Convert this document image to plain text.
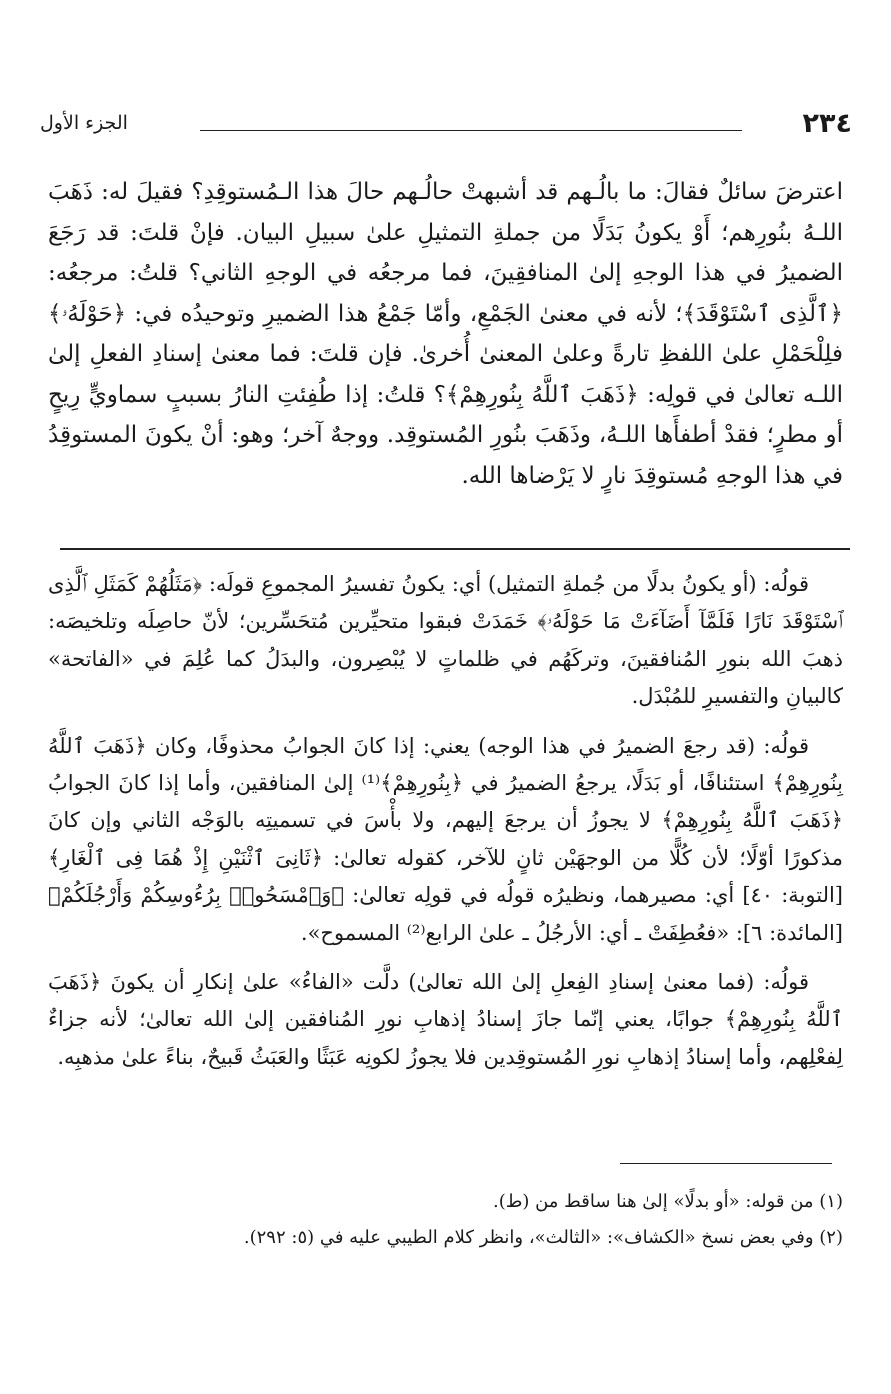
٢٣٤
الجزء الأول

اعترضَ سائلٌ فقالَ: ما بالُـهم قد أشبهتْ حالُـهم حالَ هذا الـمُستوقِدِ؟ فقيلَ له: ذَهَبَ اللـهُ بنُورِهم؛ أَوْ يكونُ بَدَلًا من جملةِ التمثيلِ علىٰ سبيلِ البيان. فإنْ قلتَ: قد رَجَعَ الضميرُ في هذا الوجهِ إلىٰ المنافقِينَ، فما مرجعُه في الوجهِ الثاني؟ قلتُ: مرجعُه: ﴿ٱلَّذِى ٱسْتَوْقَدَ﴾؛ لأنه في معنىٰ الجَمْعِ، وأمّا جَمْعُ هذا الضميرِ وتوحيدُه في: ﴿حَوْلَهُۥ﴾ فلِلْحَمْلِ علىٰ اللفظِ تارةً وعلىٰ المعنىٰ أُخرىٰ. فإن قلتَ: فما معنىٰ إسنادِ الفعلِ إلىٰ اللـه تعالىٰ في قولِه: ﴿ذَهَبَ ٱللَّهُ بِنُورِهِمْ﴾؟ قلتُ: إذا طُفِئتِ النارُ بسببٍ سماويٍّ رِيحٍ أو مطرٍ؛ فقدْ أطفأَها اللـهُ، وذَهَبَ بنُورِ المُستوقِد. ووجهٌ آخر؛ وهو: أنْ يكونَ المستوقِدُ في هذا الوجهِ مُستوقِدَ نارٍ لا يَرْضاها الله.

قولُه: (أو يكونُ بدلًا من جُملةِ التمثيل) أي: يكونُ تفسيرُ المجموعِ قولَه: ﴿مَثَلُهُمْ كَمَثَلِ ٱلَّذِى ٱسْتَوْقَدَ نَارًا فَلَمَّآ أَضَآءَتْ مَا حَوْلَهُۥ﴾ خَمَدَتْ فبقوا متحيِّرين مُتحَسِّرين؛ لأنّ حاصِلَه وتلخيصَه: ذهبَ الله بنورِ المُنافقينَ، وتركَهُم في ظلماتٍ لا يُبْصِرون، والبدَلُ كما عُلِمَ في «الفاتحة» كالبيانِ والتفسيرِ للمُبْدَل.

قولُه: (قد رجعَ الضميرُ في هذا الوجه) يعني: إذا كانَ الجوابُ محذوفًا، وكان ﴿ذَهَبَ ٱللَّهُ بِنُورِهِمْ﴾ استئنافًا، أو بَدَلًا، يرجعُ الضميرُ في ﴿بِنُورِهِمْ﴾⁽¹⁾ إلىٰ المنافقين، وأما إذا كانَ الجوابُ ﴿ذَهَبَ ٱللَّهُ بِنُورِهِمْ﴾ لا يجوزُ أن يرجعَ إليهم، ولا بأْسَ في تسميتِه بالوَجْه الثاني وإن كانَ مذكورًا أوّلًا؛ لأن كُلًّا من الوجهَيْن ثانٍ للآخر، كقوله تعالىٰ: ﴿ثَانِىَ ٱثْنَيْنِ إِذْ هُمَا فِى ٱلْغَارِ﴾ [التوبة: ٤٠] أي: مصيرهما، ونظيرُه قولُه في قولِه تعالىٰ: ﴿وَٱمْسَحُوا۟ بِرُءُوسِكُمْ وَأَرْجُلَكُمْ﴾ [المائدة: ٦]: «فعُطِفَتْ ـ أي: الأرجُلُ ـ علىٰ الرابع⁽²⁾ المسموح».

قولُه: (فما معنىٰ إسنادِ الفِعلِ إلىٰ الله تعالىٰ) دلَّت «الفاءُ» علىٰ إنكارِ أن يكونَ ﴿ذَهَبَ ٱللَّهُ بِنُورِهِمْ﴾ جوابًا، يعني إنّما جازَ إسنادُ إذهابِ نورِ المُنافقين إلىٰ الله تعالىٰ؛ لأنه جزاءٌ لِفعْلِهم، وأما إسنادُ إذهابِ نورِ المُستوقِدين فلا يجوزُ لكونِه عَبَثًا والعَبَثُ قَبيحٌ، بناءً علىٰ مذهبِه.

(١) من قوله: «أو بدلًا» إلىٰ هنا ساقط من (ط).
(٢) وفي بعض نسخ «الكشاف»: «الثالث»، وانظر كلام الطيبي عليه في (٥: ٢٩٢).
